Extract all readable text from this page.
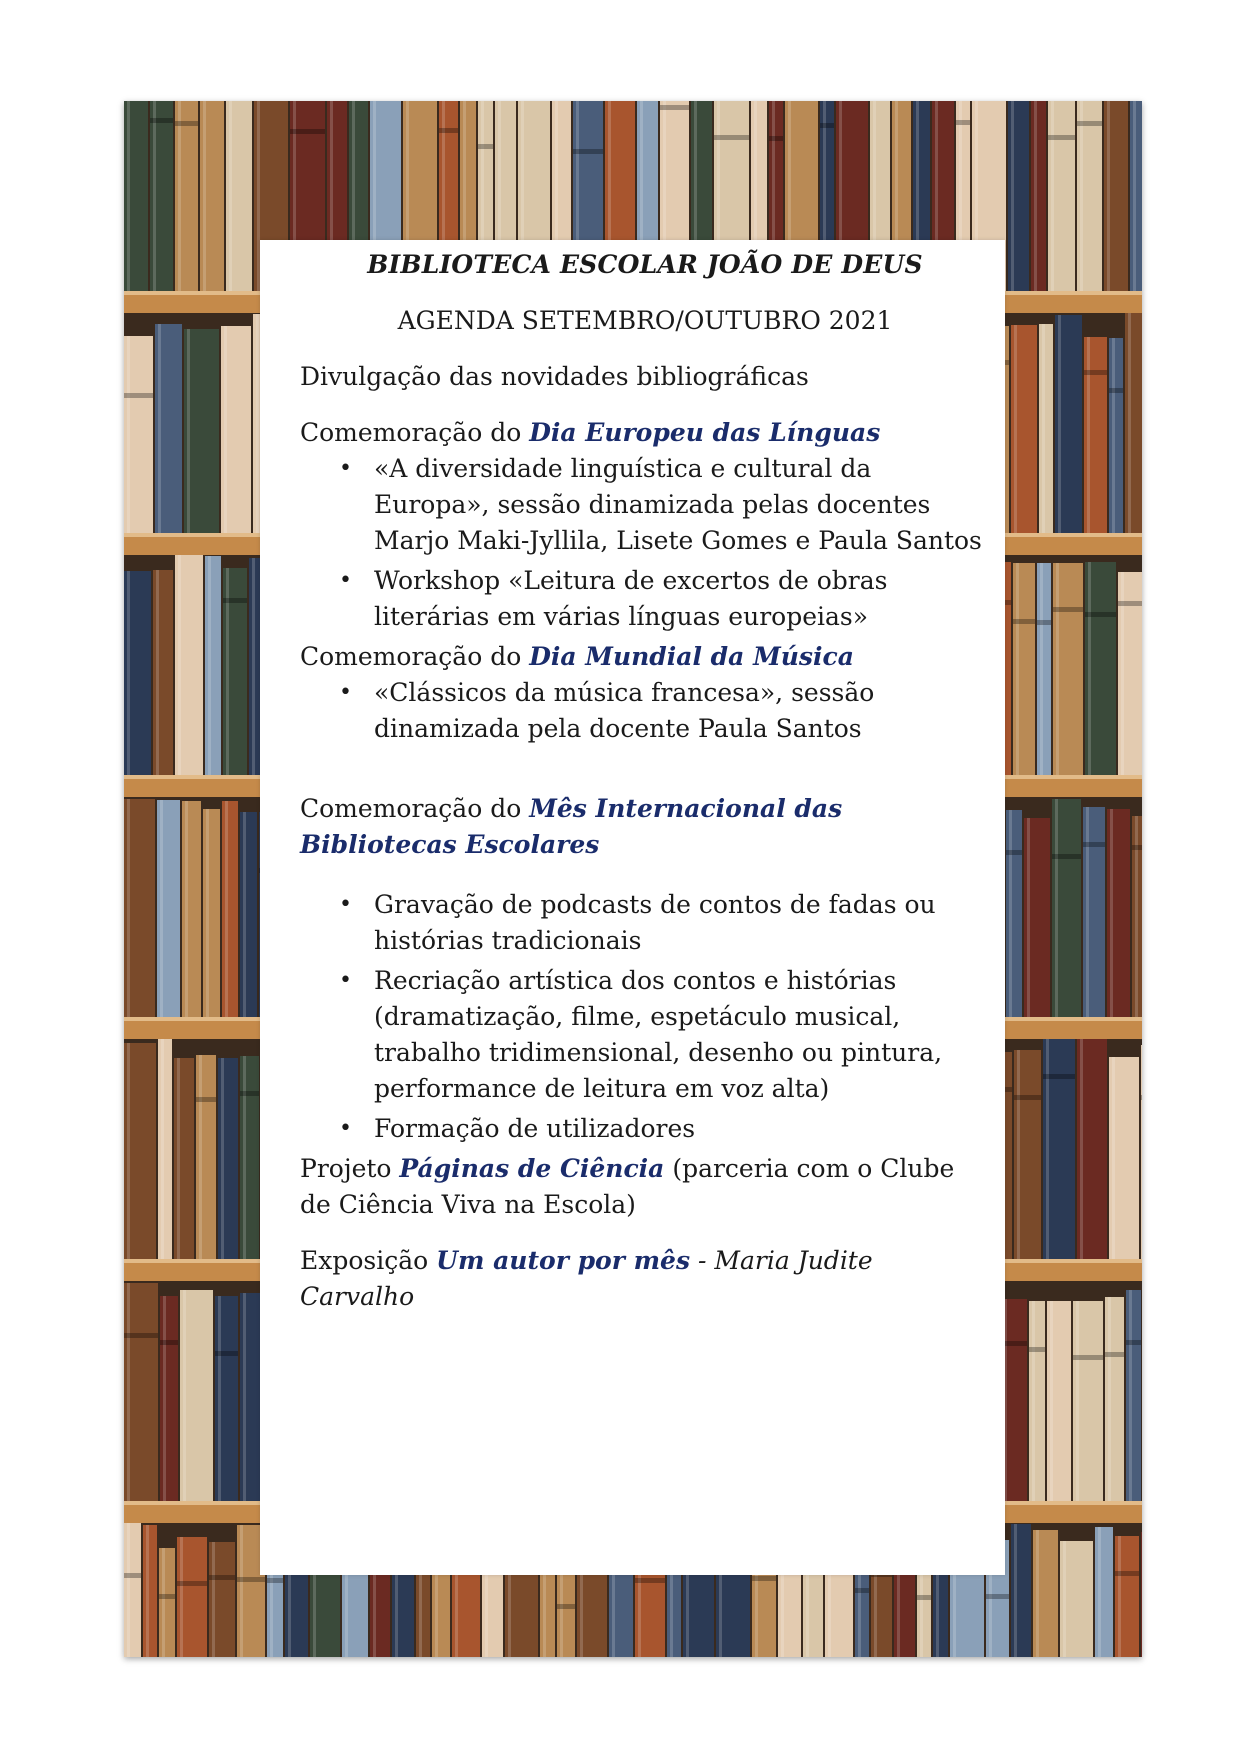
BIBLIOTECA ESCOLAR JOÃO DE DEUS
AGENDA SETEMBRO/OUTUBRO 2021
Divulgação das novidades bibliográficas
Comemoração do Dia Europeu das Línguas
• «A diversidade linguística e cultural da Europa», sessão dinamizada pelas docentes Marjo Maki-Jyllila, Lisete Gomes e Paula Santos
• Workshop «Leitura de excertos de obras literárias em várias línguas europeias»
Comemoração do Dia Mundial da Música
• «Clássicos da música francesa», sessão dinamizada pela docente Paula Santos
Comemoração do Mês Internacional das Bibliotecas Escolares
• Gravação de podcasts de contos de fadas ou histórias tradicionais
• Recriação artística dos contos e histórias (dramatização, filme, espetáculo musical, trabalho tridimensional, desenho ou pintura, performance de leitura em voz alta)
• Formação de utilizadores
Projeto Páginas de Ciência (parceria com o Clube de Ciência Viva na Escola)
Exposição Um autor por mês - Maria Judite Carvalho
